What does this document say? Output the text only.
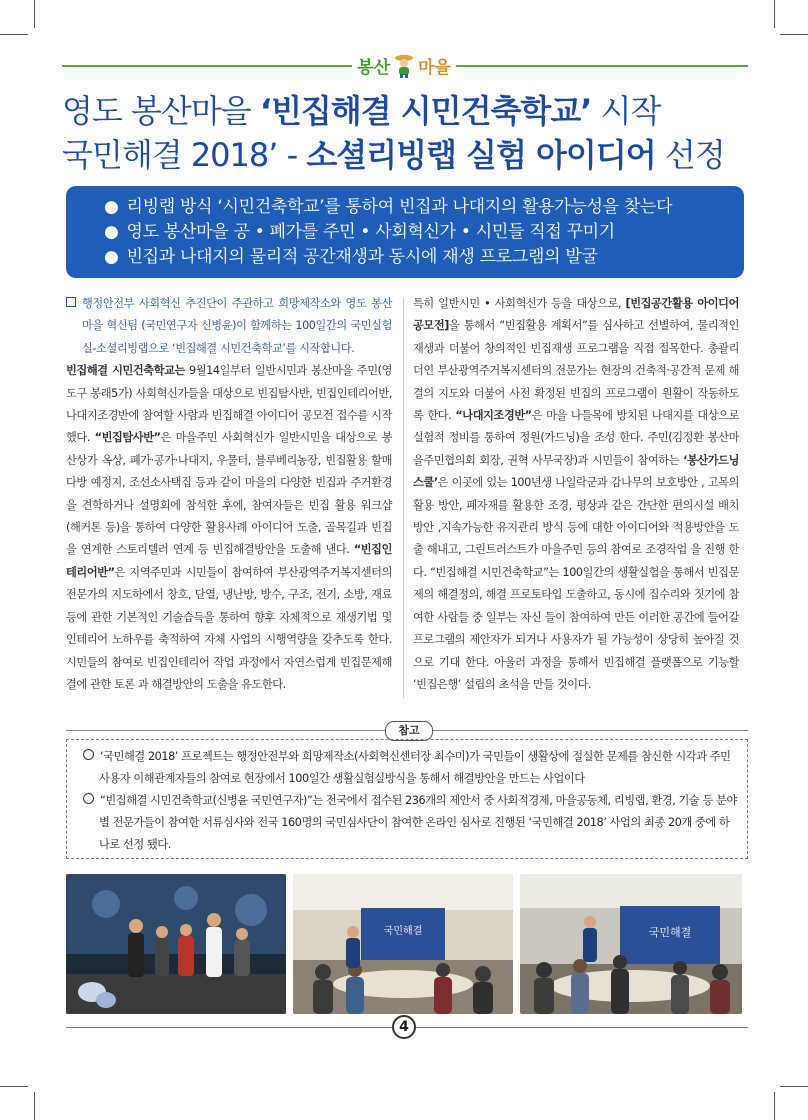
봉산 마을
영도 봉산마을 ‘빈집해결 시민건축학교’ 시작
국민해결 2018’ - 소셜리빙랩 실험 아이디어 선정
● 리빙랩 방식 ‘시민건축학교’를 통하여 빈집과 나대지의 활용가능성을 찾는다
● 영도 봉산마을 공 • 폐가를 주민 • 사회혁신가 • 시민들 직접 꾸미기
● 빈집과 나대지의 물리적 공간재생과 동시에 재생 프로그램의 발굴

행정안전부 사회혁신 추진단이 주관하고 희망제작소와 영도 봉산마을 혁신팀 (국민연구자 신병윤)이 함께하는 100일간의 국민실험실-소셜리빙랩으로 ‘빈집해결 시민건축학교’를 시작합니다.

빈집해결 시민건축학교는 9월14일부터 일반시민과 봉산마을 주민(영도구 봉래5가) 사회혁신가들을 대상으로 빈집탐사반, 빈집인테리어반, 나대지조경반에 참여할 사람과 빈집해결 아이디어 공모전 접수를 시작했다. “빈집탐사반”은 마을주민 사회혁신가 일반시민을 대상으로 봉산상가 옥상, 폐가·공가·나대지, 우물터, 블루베리농장, 빈집활용 할매다방 예정지, 조선소사택집 등과 같이 마을의 다양한 빈집과 주거환경을 견학하거나 설명회에 참석한 후에, 참여자들은 빈집 활용 워크샵 (해커톤 등)을 통하여 다양한 활용사례 아이디어 도출, 골목길과 빈집 을 연계한 스토리텔러 연계 등 빈집해결방안을 도출해 낸다. “빈집인테리어반”은 지역주민과 시민들이 참여하여 부산광역주거복지센터의 전문가의 지도하에서 창호, 단열, 냉난방, 방수, 구조, 전기, 소방, 재료 등에 관한 기본적인 기술습득을 통하여 향후 자체적으로 재생기법 및 인테리어 노하우를 축적하여 자체 사업의 시행역량을 갖추도록 한다. 시민들의 참여로 빈집인테리어 작업 과정에서 자연스럽게 빈집문제해결에 관한 토론 과 해결방안의 도출을 유도한다.

특히 일반시민 • 사회혁신가 등을 대상으로, [빈집공간활용 아이디어 공모전]을 통해서 “빈집활용 계획서”를 심사하고 선별하여, 물리적인 재생과 더불어 창의적인 빈집재생 프로그램을 직접 접목한다. 총괄리더인 부산광역주거복지센터의 전문가는 현장의 건축적·공간적 문제 해결의 지도와 더불어 사전 확정된 빈집의 프로그램이 원활이 작동하도록 한다. “나대지조경반”은 마을 나들목에 방치된 나대지를 대상으로 실험적 정비를 통하여 정원(가드닝)을 조성 한다. 주민(김정환 봉산마을주민협의회 회장, 권혁 사무국장)과 시민들이 참여하는 ‘봉산가드닝 스쿨’은 이곳에 있는 100년생 나일락군과 감나무의 보호방안 , 고목의 활용 방안, 폐자재를 활용한 조경, 평상과 같은 간단한 편의시설 배치방안 ,지속가능한 유지관리 방식 등에 대한 아이디어와 적용방안을 도출 해내고, 그린트러스트가 마을주민 등의 참여로 조경작업 을 진행 한다. “빈집해결 시민건축학교”는 100일간의 생활실험을 통해서 빈집문제의 해결정의, 해결 프로토타입 도출하고, 동시에 집수리와 짓기에 참여한 사람들 중 일부는 자신 들이 참여하여 만든 이러한 공간에 들어갈 프로그램의 제안자가 되거나 사용자가 될 가능성이 상당히 높아질 것으로 기대 한다. 아울러 과정을 통해서 빈집해결 플랫폼으로 기능할 ‘빈집은행’ 설립의 초석을 만들 것이다.

참고
‘국민해결 2018’ 프로젝트는 행정안전부와 희망제작소(사회혁신센터장 최수미)가 국민들이 생활상에 절실한 문제를 참신한 시각과 주민 사용자 이해관계자들의 참여로 현장에서 100일간 생활실험실방식을 통해서 해결방안을 만드는 사업이다
“빈집해결 시민건축학교(신병윤 국민연구자)”는 전국에서 접수된 236개의 제안서 중 사회적경제, 마을공동체, 리빙랩, 환경, 기술 등 분야별 전문가들이 참여한 서류심사와 전국 160명의 국민심사단이 참여한 온라인 심사로 진행된 ‘국민해결 2018’ 사업의 최종 20개 중에 하나로 선정 됐다.
국민해결	국민해결
4
